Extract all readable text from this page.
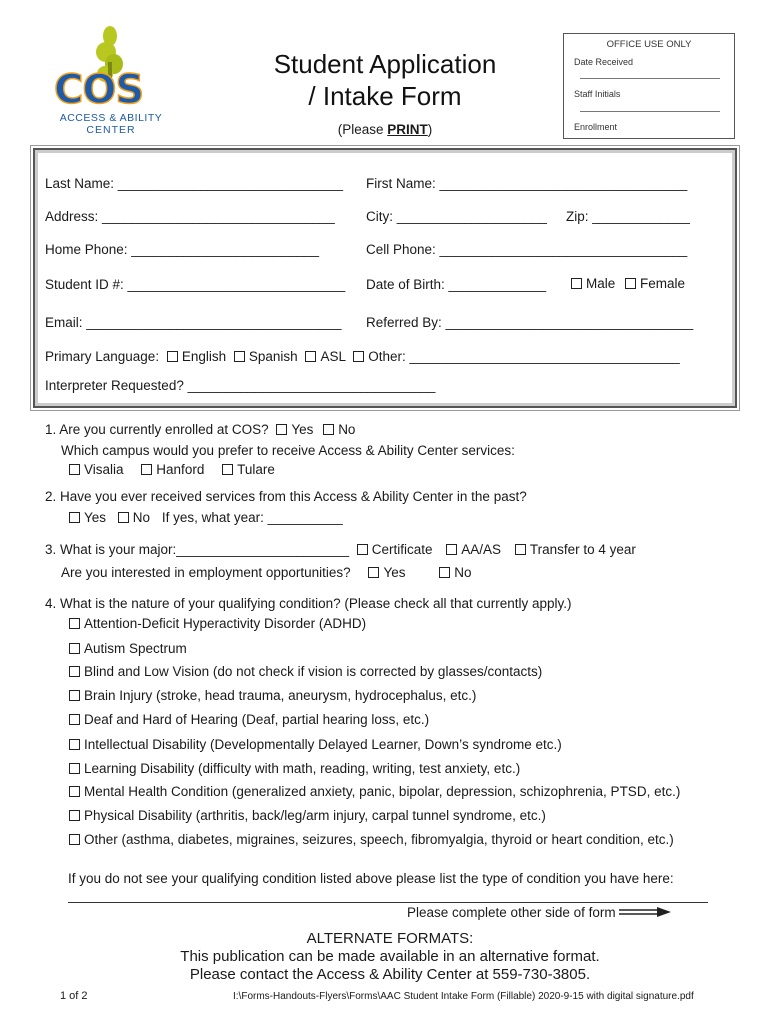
COS
ACCESS & ABILITY
CENTER
Student Application
/ Intake Form
(Please PRINT)
OFFICE USE ONLY
Date Received
Staff Initials
Enrollment
Last Name: ______________________________ First Name: _________________________________
Address: _______________________________ City: ____________________ Zip: _____________
Home Phone: _________________________	Cell Phone: _________________________________
Student ID #: _____________________________ Date of Birth: _____________	Male	Female
Email: __________________________________ Referred By: _________________________________
Primary Language: English Spanish ASL Other: ____________________________________
Interpreter Requested? _________________________________
1. Are you currently enrolled at COS? Yes No
Which campus would you prefer to receive Access & Ability Center services:
Visalia Hanford Tulare
2. Have you ever received services from this Access & Ability Center in the past?
Yes No If yes, what year: __________
3. What is your major:_______________________ Certificate AA/AS Transfer to 4 year
Are you interested in employment opportunities? Yes	No
4. What is the nature of your qualifying condition? (Please check all that currently apply.)
Attention-Deficit Hyperactivity Disorder (ADHD)
Autism Spectrum
Blind and Low Vision (do not check if vision is corrected by glasses/contacts)
Brain Injury (stroke, head trauma, aneurysm, hydrocephalus, etc.)
Deaf and Hard of Hearing (Deaf, partial hearing loss, etc.)
Intellectual Disability (Developmentally Delayed Learner, Down’s syndrome etc.)
Learning Disability (difficulty with math, reading, writing, test anxiety, etc.)
Mental Health Condition (generalized anxiety, panic, bipolar, depression, schizophrenia, PTSD, etc.)
Physical Disability (arthritis, back/leg/arm injury, carpal tunnel syndrome, etc.)
Other (asthma, diabetes, migraines, seizures, speech, fibromyalgia, thyroid or heart condition, etc.)
If you do not see your qualifying condition listed above please list the type of condition you have here:
Please complete other side of form
ALTERNATE FORMATS:
This publication can be made available in an alternative format.
Please contact the Access & Ability Center at 559-730-3805.
1 of 2	I:\Forms-Handouts-Flyers\Forms\AAC Student Intake Form (Fillable) 2020-9-15 with digital signature.pdf
